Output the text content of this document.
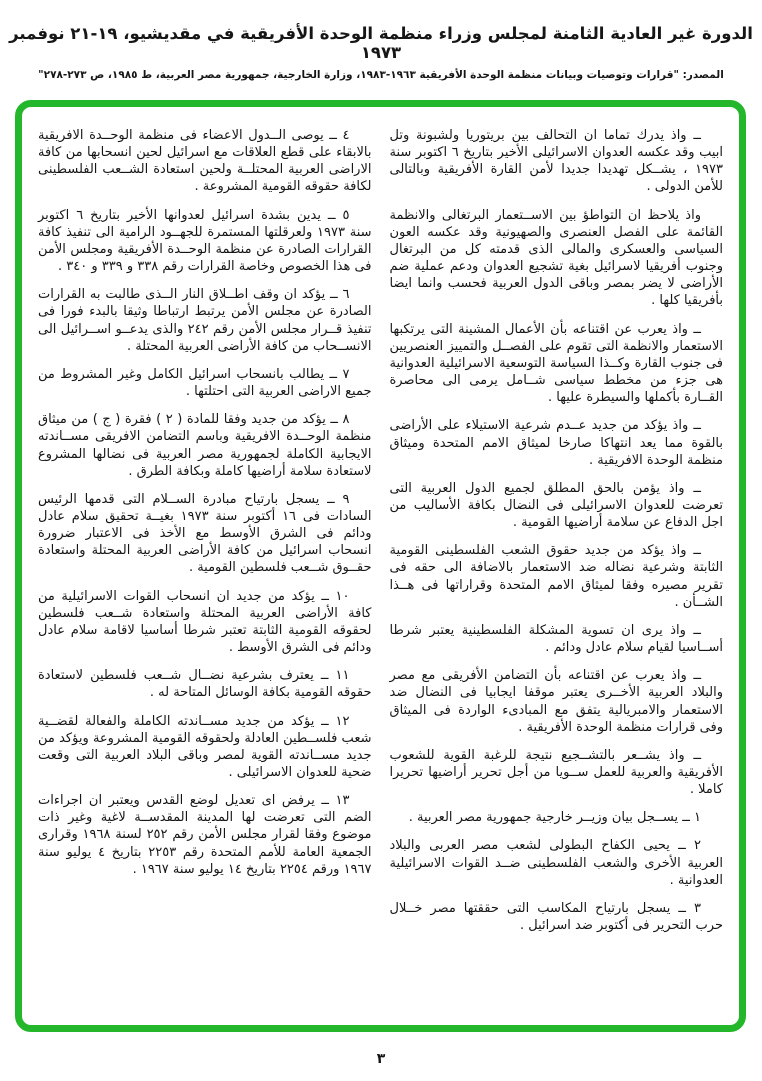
الدورة غير العادية الثامنة لمجلس وزراء منظمة الوحدة الأفريقية في مقديشيو، ١٩-٢١ نوفمبر ١٩٧٣

المصدر: "قرارات وتوصيات وبيانات منظمة الوحدة الأفريقية ١٩٦٣-١٩٨٣، وزارة الخارجية، جمهورية مصر العربية، ط ١٩٨٥، ص ٢٧٣-٢٧٨"

ــ واذ يدرك تماما ان التحالف بين بريتوريا ولشبونة وتل ابيب وقد عكسه العدوان الاسرائيلى الأخير بتاريخ ٦ اكتوبر سنة ١٩٧٣ ، يشــكل تهديدا جديدا لأمن القارة الأفريقية وبالتالى للأمن الدولى .

واذ يلاحظ ان التواطؤ بين الاســتعمار البرتغالى والانظمة القائمة على الفصل العنصرى والصهيونية وقد عكسه العون السياسى والعسكرى والمالى الذى قدمته كل من البرتغال وجنوب أفريقيا لاسرائيل بغية تشجيع العدوان ودعم عملية ضم الأراضى لا يضر بمصر وباقى الدول العربية فحسب وانما ايضا بأفريقيا كلها .

ــ واذ يعرب عن اقتناعه بأن الأعمال المشينة التى يرتكبها الاستعمار والانظمة التى تقوم على الفصــل والتمييز العنصريين فى جنوب القارة وكــذا السياسة التوسعية الاسرائيلية العدوانية هى جزء من مخطط سياسى شــامل يرمى الى محاصرة القــارة بأكملها والسيطرة عليها .

ــ واذ يؤكد من جديد عــدم شرعية الاستيلاء على الأراضى بالقوة مما يعد انتهاكا صارخا لميثاق الامم المتحدة وميثاق منظمة الوحدة الافريقية .

ــ واذ يؤمن بالحق المطلق لجميع الدول العربية التى تعرضت للعدوان الاسرائيلى فى النضال بكافة الأساليب من اجل الدفاع عن سلامة أراضيها القومية .

ــ واذ يؤكد من جديد حقوق الشعب الفلسطينى القومية الثابتة وشرعية نضاله ضد الاستعمار بالاضافة الى حقه فى تقرير مصيره وفقا لميثاق الامم المتحدة وقراراتها فى هــذا الشــأن .

ــ واذ يرى ان تسوية المشكلة الفلسطينية يعتبر شرطا أســاسيا لقيام سلام عادل ودائم .

ــ واذ يعرب عن اقتناعه بأن التضامن الأفريقى مع مصر والبلاد العربية الأخــرى يعتبر موقفا ايجابيا فى النضال ضد الاستعمار والامبريالية يتفق مع المبادىء الواردة فى الميثاق وفى قرارات منظمة الوحدة الأفريقية .

ــ واذ يشــعر بالتشــجيع نتيجة للرغبة القوية للشعوب الأفريقية والعربية للعمل ســويا من أجل تحرير أراضيها تحريرا كاملا .

١ ــ يســجل بيان وزيــر خارجية جمهورية مصر العربية .

٢ ــ يحيى الكفاح البطولى لشعب مصر العربى والبلاد العربية الأخرى والشعب الفلسطينى ضــد القوات الاسرائيلية العدوانية .

٣ ــ يسجل بارتياح المكاسب التى حققتها مصر خــلال حرب التحرير فى أكتوبر ضد اسرائيل .

٤ ــ يوصى الــدول الاعضاء فى منظمة الوحــدة الافريقية بالابقاء على قطع العلاقات مع اسرائيل لحين انسحابها من كافة الاراضى العربية المحتلــة ولحين استعادة الشــعب الفلسطينى لكافة حقوقه القومية المشروعة .

٥ ــ يدين بشدة اسرائيل لعدوانها الأخير بتاريخ ٦ اكتوبر سنة ١٩٧٣ ولعرقلتها المستمرة للجهــود الرامية الى تنفيذ كافة القرارات الصادرة عن منظمة الوحــدة الأفريقية ومجلس الأمن فى هذا الخصوص وخاصة القرارات رقم ٣٣٨ و ٣٣٩ و ٣٤٠ .

٦ ــ يؤكد ان وقف اطــلاق النار الــذى طالبت به القرارات الصادرة عن مجلس الأمن يرتبط ارتباطا وثيقا بالبدء فورا فى تنفيذ قــرار مجلس الأمن رقم ٢٤٢ والذى يدعــو اســرائيل الى الانســحاب من كافة الأراضى العربية المحتلة .

٧ ــ يطالب بانسحاب اسرائيل الكامل وغير المشروط من جميع الاراضى العربية التى احتلتها .

٨ ــ يؤكد من جديد وفقا للمادة ( ٢ ) فقرة ( ج ) من ميثاق منظمة الوحــدة الافريقية وباسم التضامن الافريقى مســاندته الايجابية الكاملة لجمهورية مصر العربية فى نضالها المشروع لاستعادة سلامة أراضيها كاملة وبكافة الطرق .

٩ ــ يسجل بارتياح مبادرة الســلام التى قدمها الرئيس السادات فى ١٦ أكتوبر سنة ١٩٧٣ بغيــة تحقيق سلام عادل ودائم فى الشرق الأوسط مع الأخذ فى الاعتبار ضرورة انسحاب اسرائيل من كافة الأراضى العربية المحتلة واستعادة حقــوق شــعب فلسطين القومية .

١٠ ــ يؤكد من جديد ان انسحاب القوات الاسرائيلية من كافة الأراضى العربية المحتلة واستعادة شــعب فلسطين لحقوقه القومية الثابتة تعتبر شرطا أساسيا لاقامة سلام عادل ودائم فى الشرق الأوسط .

١١ ــ يعترف بشرعية نضــال شــعب فلسطين لاستعادة حقوقه القومية بكافة الوسائل المتاحة له .

١٢ ــ يؤكد من جديد مســاندته الكاملة والفعالة لقضــية شعب فلســطين العادلة ولحقوقه القومية المشروعة ويؤكد من جديد مســاندته القوية لمصر وباقى البلاد العربية التى وقعت ضحية للعدوان الاسرائيلى .

١٣ ــ يرفض اى تعديل لوضع القدس ويعتبر ان اجراءات الضم التى تعرضت لها المدينة المقدســة لاغية وغير ذات موضوع وفقا لقرار مجلس الأمن رقم ٢٥٢ لسنة ١٩٦٨ وقرارى الجمعية العامة للأمم المتحدة رقم ٢٢٥٣ بتاريخ ٤ يوليو سنة ١٩٦٧ ورقم ٢٢٥٤ بتاريخ ١٤ يوليو سنة ١٩٦٧ .

٣
